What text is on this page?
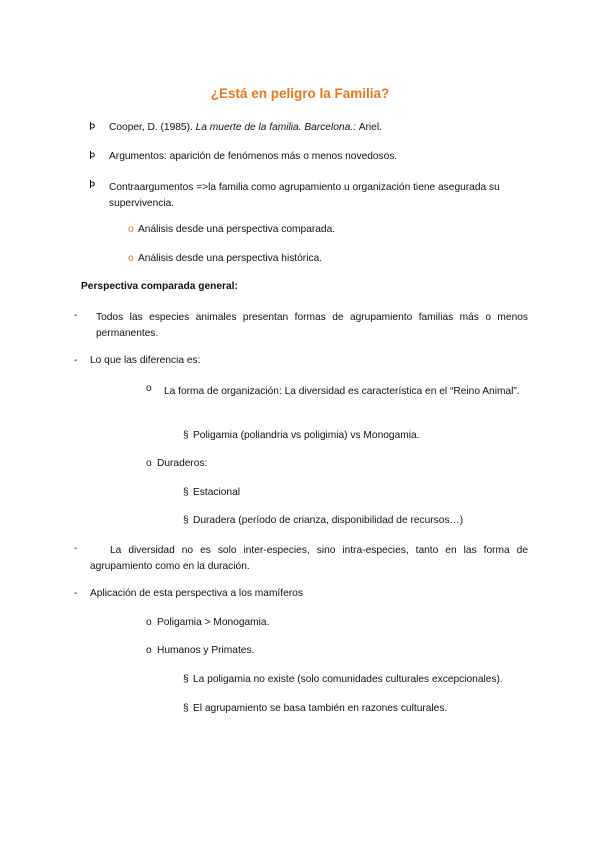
¿Está en peligro la Familia?
Þ Cooper, D. (1985). La muerte de la familia. Barcelona.: Ariel.
Þ Argumentos: aparición de fenómenos más o menos novedosos.
Þ Contraargumentos =>la familia como agrupamiento u organización tiene asegurada su supervivencia.
o Análisis desde una perspectiva comparada.
o Análisis desde una perspectiva histórica.
Perspectiva comparada general:
- Todos las especies animales presentan formas de agrupamiento familias más o menos permanentes.
- Lo que las diferencia es:
o La forma de organización: La diversidad es característica en el “Reino Animal”.
§ Poligamia (poliandria vs poligimia) vs Monogamia.
o Duraderos:
§ Estacional
§ Duradera (período de crianza, disponibilidad de recursos…)
-	La diversidad no es solo inter-especies, sino intra-especies, tanto en las forma de agrupamiento como en la duración.
- Aplicación de esta perspectiva a los mamíferos
o Poligamia > Monogamia.
o Humanos y Primates.
§ La poligamia no existe (solo comunidades culturales excepcionales).
§ El agrupamiento se basa también en razones culturales.
